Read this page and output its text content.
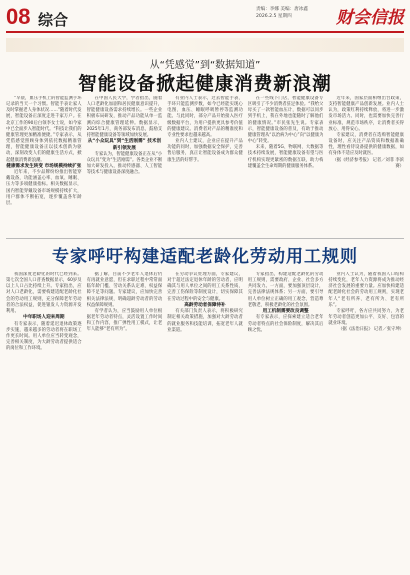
08 综合
责编：李娜 美编：唐冰鑫
2026.2.5 星期四	财会信报
从“凭感觉”到“数据知道”
智能设备掀起健康消费新浪潮

“早晨，血压手机上的智能监测手环记录的当天一个习惯。智能手表让家人及时掌握老人身体状况……”随着时代发展，智能设备正深度走进千家万户。在北京工作的90后白领李女士说，如今家中已全面步入智能时代。“科技让我们的健康管理更加精准便捷。”专家表示，从凭借感觉照顾身体到依托数据精准管理，智能健康设备正以技术创新为驱动，深刻改变人们的健康生活方式，掀起健康消费新浪潮。

健康需求发生转变 市场规模持续扩张

近年来，不少品牌纷纷推出智能穿戴设备，功能涵盖心率、血氧、睡眠、压力等多项健康指标。相关数据显示，国内智能穿戴设备市场规模持续扩大，用户群体不断拓宽，逐步覆盖各年龄层。

在中国人民大学，学者指出，随着人口老龄化加剧和居民健康意识提升，智能健康设备需求持续增长。一些企业积极布局研发，推动产品功能从单一监测向综合健康管理延伸。数据显示，2025年1月，商务部发布消息，鼓励支持智能健康设备等领域加快发展。

从“小众玩具”到“生活刚需” 技术创新引领发展

专家认为，智能健康设备正在从“小众玩具”变为“生活刚需”。各类企业不断加大研发投入，推动传感器、人工智能等技术与健康设备深度融合。

有业内人士表示，过去智能手表、手环只能监测步数，如今已经能实现心电图、血压、睡眠呼吸暂停等监测功能。与此同时，部分产品开始接入医疗级数据平台，为用户提供更具参考价值的健康建议。消费者对产品的精准度和专业性要求也越来越高。

业内人士建议，企业应在提升产品功能的同时，加强数据安全保护，完善售后服务，真正让智能设备成为群众健康生活的好帮手。

在一些线下门店，智能健康设备专区吸引了不少消费者驻足体验。“我给父母买了一款智能血压计，数据可以同步到手机上，我在外地也能随时了解他们的健康情况。”市民张先生说。专家表示，智能健康设备的普及，有助于推动健康管理从“以治病为中心”向“以健康为中心”转变。

未来，随着5G、物联网、大数据等技术持续发展，智能健康设备有望与医疗机构实现更紧密的数据互联，助力构建覆盖全生命周期的健康服务体系。

近年来，国家层面相继出台政策，支持智能健康产品创新发展。业内人士认为，政策红利持续释放，将进一步激发市场活力。同时，也需要加快完善行业标准，规范市场秩序，让消费者买得放心、用得安心。

专家建议，消费者在选购智能健康设备时，应关注产品资质和数据准确性，理性看待设备提供的健康数据，如有身体不适应及时就医。

（据《经济参考报》 记者／刘菲 李滨赛）

专家呼吁构建适配老龄化劳动用工规则

我国深度老龄化的时代已经到来。第七次全国人口普查数据显示，60岁及以上人口占比持续上升。专家指出，应对人口老龄化，需要构建适配老龄化社会的劳动用工规则，充分保障老年劳动者的合法权益，促进银发人力资源开发利用。

中年职场人迎来周期

有专家表示，随着延迟退休政策逐步实施，越来越多的劳动者将在职场工作更长时间。用人单位应当转变观念，完善相关制度，为大龄劳动者提供适合的岗位和工作环境。

据了解，目前不少老年人退休后仍有再就业意愿，但在求职过程中常常面临年龄门槛、劳动关系认定难、权益保障不足等问题。专家建议，应加快完善相关法律法规，明确超龄劳动者的劳动权益保障规则。

有学者认为，应当鼓励用人单位根据老年劳动者特点，灵活设置工作时间和工作内容，推广弹性用工模式，让老年人能够“老有所为”。

在劳动争议处理方面，专家建议，对于超过法定退休年龄的劳动者，应明确其与用人单位之间的用工关系性质，完善工伤保险等制度设计，切实保障其在劳动过程中的安全与健康。

高龄劳动者保障待补

有关部门负责人表示，将积极研究制定相关政策措施，加强对大龄劳动者的就业服务和技能培训，拓宽老年人就业渠道。

专家指出，构建适配老龄化的劳动用工规则，需要政府、企业、社会多方共同发力。一方面，要加强顶层设计，完善法律法规体系；另一方面，要引导用人单位树立正确的用工观念，营造尊老敬老、积极老龄化的社会氛围。

用工机制需要改良调整

有专家表示，应探索建立适合老年劳动者特点的社会保险制度，解决其后顾之忧。

业内人士认为，随着我国人口结构持续变化，老年人力资源将成为推动经济社会发展的重要力量。应加快构建适配老龄化社会的劳动用工规则，实现老年人“老有所养、老有所为、老有所乐”。

专家呼吁，各方应共同努力，为老年劳动者创造更加公平、友好、包容的就业环境。

（据《法治日报》 记者／张守坤）
